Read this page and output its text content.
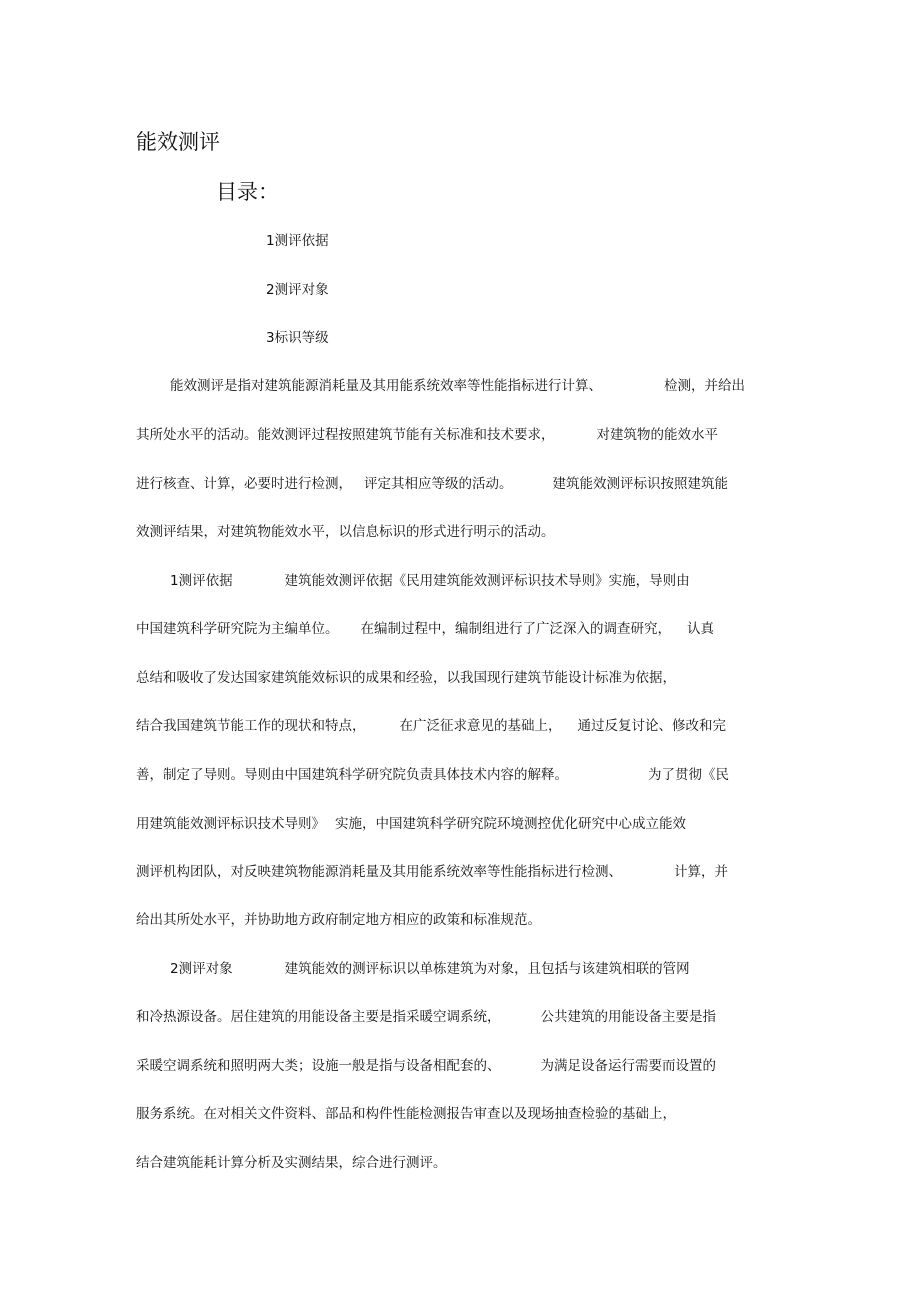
能效测评
目录：
1测评依据
2测评对象
3标识等级
能效测评是指对建筑能源消耗量及其用能系统效率等性能指标进行计算、	检测，并给出
其所处水平的活动。能效测评过程按照建筑节能有关标准和技术要求，	对建筑物的能效水平
进行核查、计算，必要时进行检测， 评定其相应等级的活动。	建筑能效测评标识按照建筑能
效测评结果，对建筑物能效水平，以信息标识的形式进行明示的活动。
1测评依据	建筑能效测评依据《民用建筑能效测评标识技术导则》实施，导则由
中国建筑科学研究院为主编单位。 在编制过程中，编制组进行了广泛深入的调查研究， 认真
总结和吸收了发达国家建筑能效标识的成果和经验，以我国现行建筑节能设计标准为依据，
结合我国建筑节能工作的现状和特点，	在广泛征求意见的基础上， 通过反复讨论、修改和完
善，制定了导则。导则由中国建筑科学研究院负责具体技术内容的解释。	为了贯彻《民
用建筑能效测评标识技术导则》 实施，中国建筑科学研究院环境测控优化研究中心成立能效
测评机构团队，对反映建筑物能源消耗量及其用能系统效率等性能指标进行检测、	计算，并
给出其所处水平，并协助地方政府制定地方相应的政策和标准规范。
2测评对象	建筑能效的测评标识以单栋建筑为对象，且包括与该建筑相联的管网
和冷热源设备。居住建筑的用能设备主要是指采暖空调系统，	公共建筑的用能设备主要是指
采暖空调系统和照明两大类；设施一般是指与设备相配套的、	为满足设备运行需要而设置的
服务系统。在对相关文件资料、部品和构件性能检测报告审查以及现场抽查检验的基础上，
结合建筑能耗计算分析及实测结果，综合进行测评。
